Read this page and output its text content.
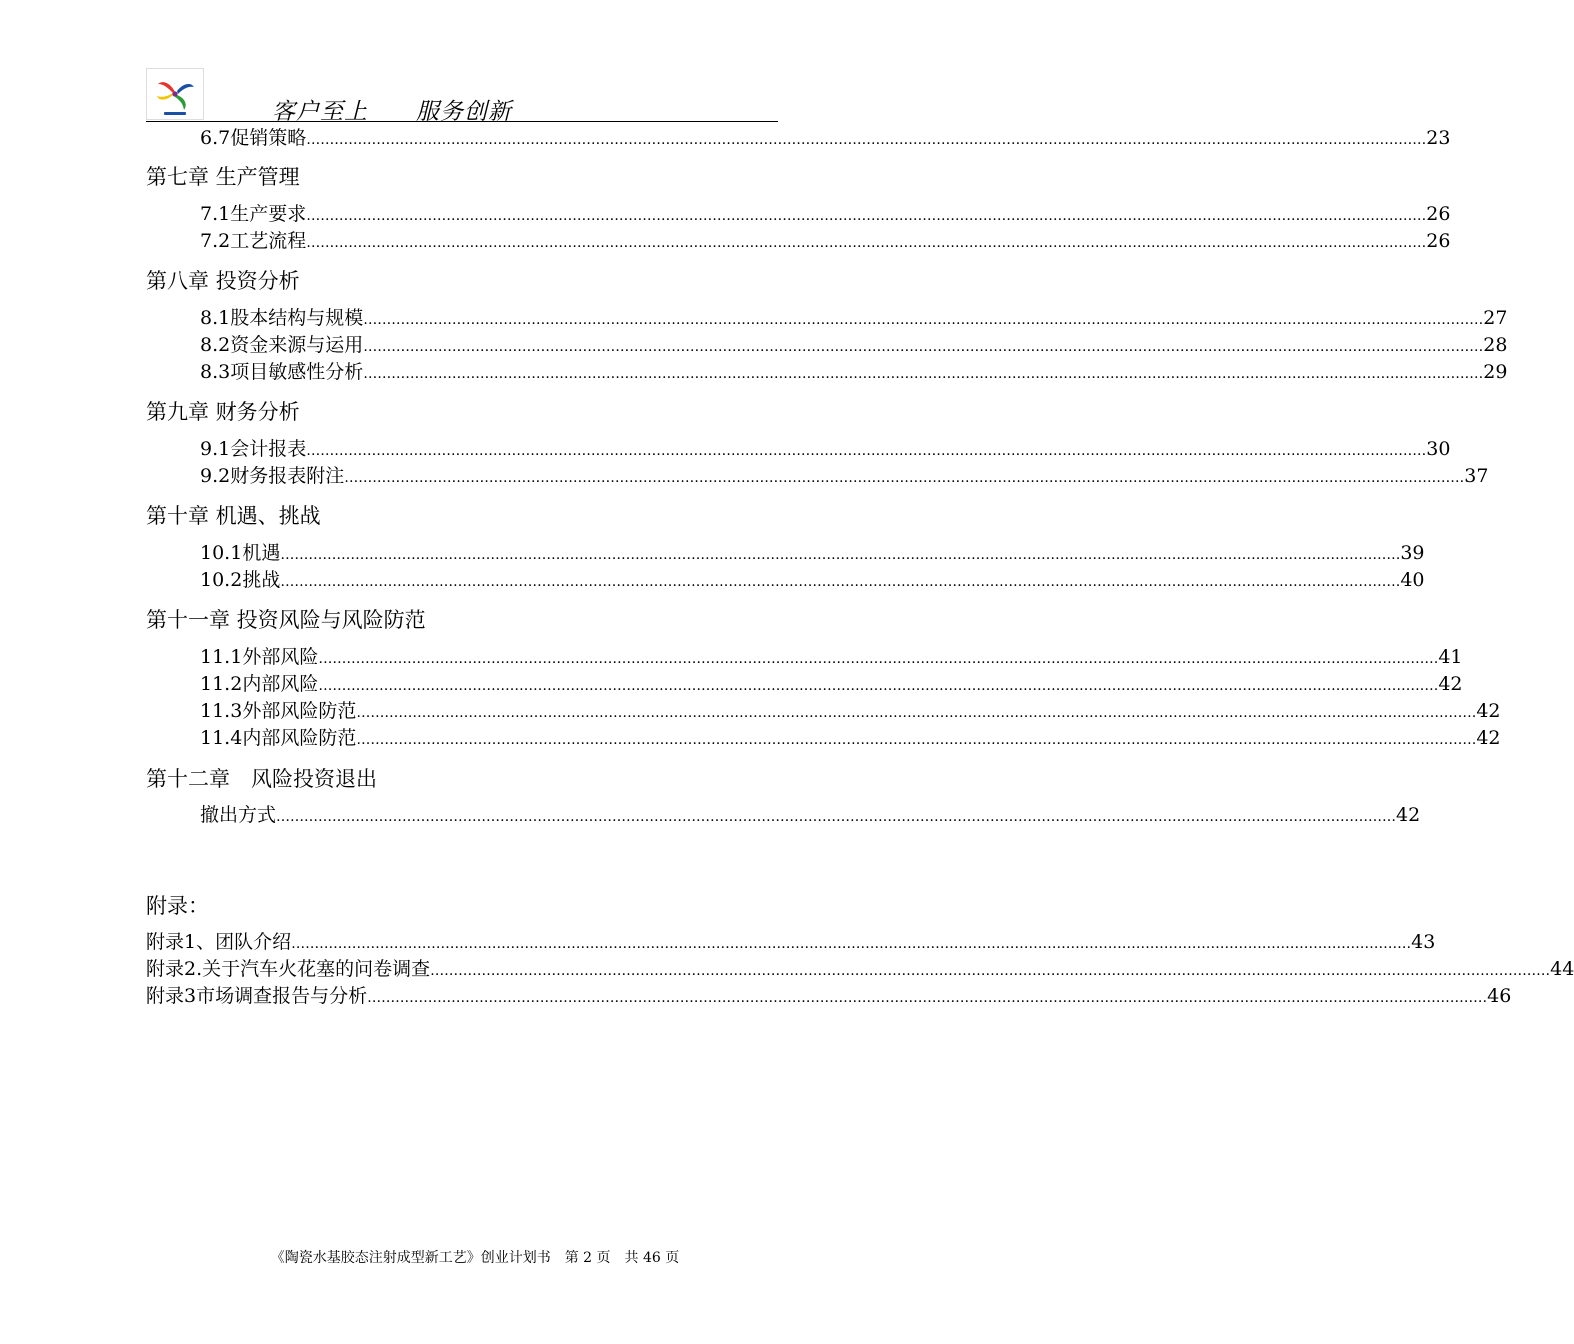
客户至上　　服务创新
6.7 促销策略 …………………………………………………………………………………………………………………………………………………………………………………………………………………… 23
第七章 生产管理
7.1 生产要求 …………………………………………………………………………………………………………………………………………………………………………………………………………………… 26
7.2 工艺流程 …………………………………………………………………………………………………………………………………………………………………………………………………………………… 26
第八章 投资分析
8.1 股本结构与规模 …………………………………………………………………………………………………………………………………………………………………………………………………………………… 27
8.2 资金来源与运用 …………………………………………………………………………………………………………………………………………………………………………………………………………………… 28
8.3 项目敏感性分析 …………………………………………………………………………………………………………………………………………………………………………………………………………………… 29
第九章 财务分析
9.1 会计报表 …………………………………………………………………………………………………………………………………………………………………………………………………………………… 30
9.2 财务报表附注 …………………………………………………………………………………………………………………………………………………………………………………………………………………… 37
第十章 机遇、挑战
10.1 机遇 …………………………………………………………………………………………………………………………………………………………………………………………………………………… 39
10.2 挑战 …………………………………………………………………………………………………………………………………………………………………………………………………………………… 40
第十一章 投资风险与风险防范
11.1 外部风险 …………………………………………………………………………………………………………………………………………………………………………………………………………………… 41
11.2 内部风险 …………………………………………………………………………………………………………………………………………………………………………………………………………………… 42
11.3 外部风险防范 …………………………………………………………………………………………………………………………………………………………………………………………………………………… 42
11.4 内部风险防范 …………………………………………………………………………………………………………………………………………………………………………………………………………………… 42
第十二章　风险投资退出
撤出方式 …………………………………………………………………………………………………………………………………………………………………………………………………………………… 42
附录：
附录1、 团队介绍 …………………………………………………………………………………………………………………………………………………………………………………………………………………… 43
附录2. 关于汽车火花塞的问卷调查 …………………………………………………………………………………………………………………………………………………………………………………………………………………… 44
附录3 市场调查报告与分析 …………………………………………………………………………………………………………………………………………………………………………………………………………………… 46
《陶瓷水基胶态注射成型新工艺》创业计划书　第 2 页　共 46 页
